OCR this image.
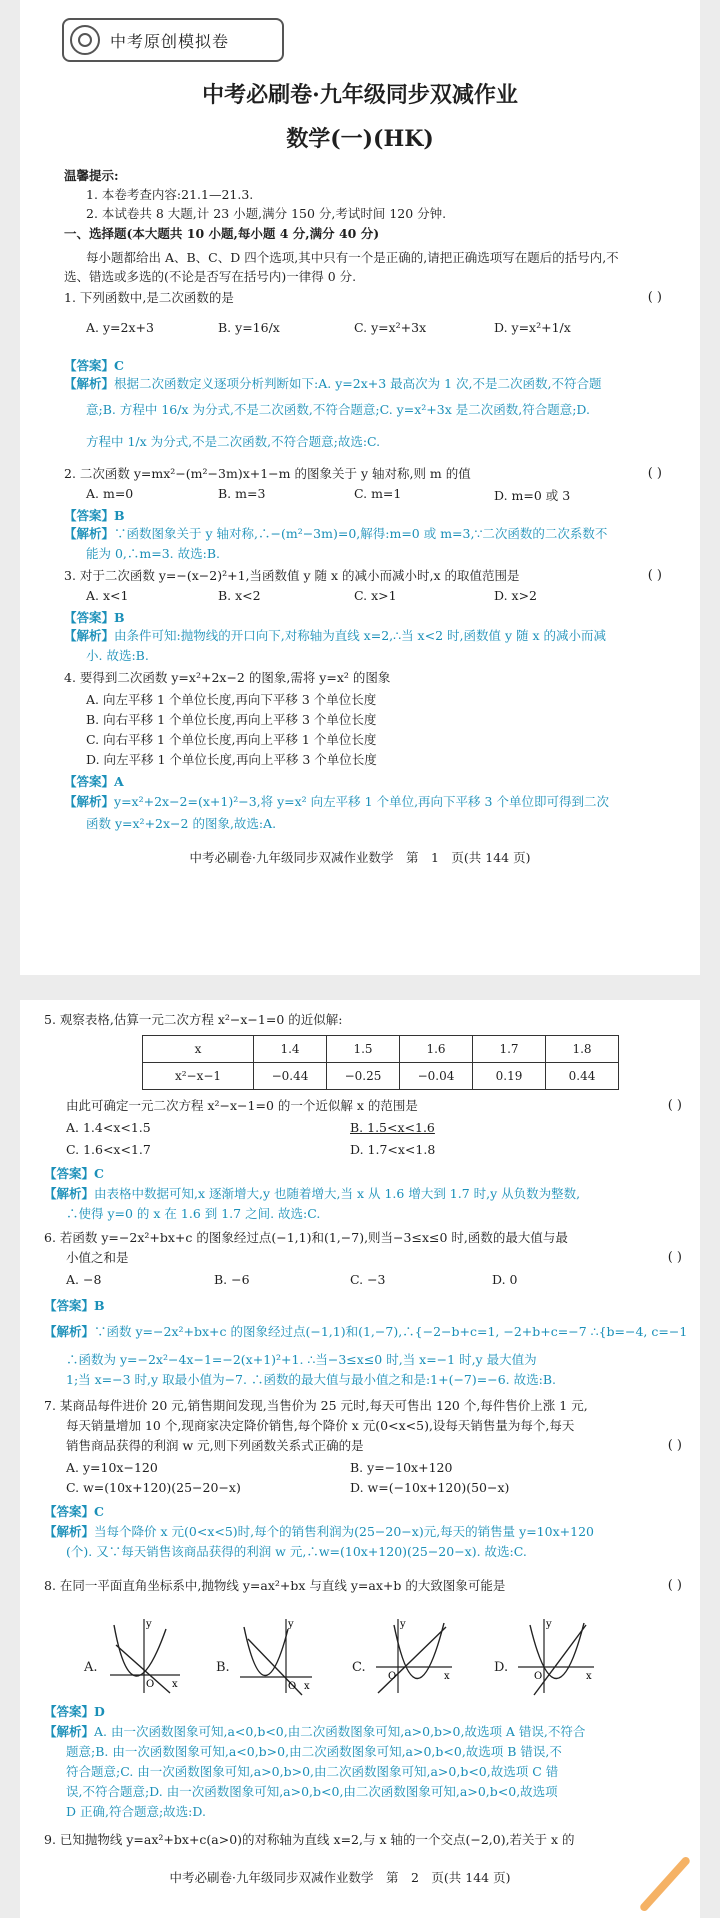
中考原创模拟卷
中考必刷卷·九年级同步双减作业
数学(一)(HK)
温馨提示:
1. 本卷考查内容:21.1—21.3.
2. 本试卷共 8 大题,计 23 小题,满分 150 分,考试时间 120 分钟.
一、选择题(本大题共 10 小题,每小题 4 分,满分 40 分)
每小题都给出 A、B、C、D 四个选项,其中只有一个是正确的,请把正确选项写在题后的括号内,不
选、错选或多选的(不论是否写在括号内)一律得 0 分.
1. 下列函数中,是二次函数的是	( )
A. y=2x+3	B. y=16/x	C. y=x²+3x	D. y=x²+1/x
【答案】C
【解析】根据二次函数定义逐项分析判断如下:A. y=2x+3 最高次为 1 次,不是二次函数,不符合题
意;B. 方程中 16/x 为分式,不是二次函数,不符合题意;C. y=x²+3x 是二次函数,符合题意;D.
方程中 1/x 为分式,不是二次函数,不符合题意;故选:C.
2. 二次函数 y=mx²−(m²−3m)x+1−m 的图象关于 y 轴对称,则 m 的值	( )
A. m=0	B. m=3	C. m=1	D. m=0 或 3
【答案】B
【解析】∵函数图象关于 y 轴对称,∴−(m²−3m)=0,解得:m=0 或 m=3,∵二次函数的二次系数不
能为 0,∴m=3. 故选:B.
3. 对于二次函数 y=−(x−2)²+1,当函数值 y 随 x 的减小而减小时,x 的取值范围是	( )
A. x<1	B. x<2	C. x>1	D. x>2
【答案】B
【解析】由条件可知:抛物线的开口向下,对称轴为直线 x=2,∴当 x<2 时,函数值 y 随 x 的减小而减
小. 故选:B.
4. 要得到二次函数 y=x²+2x−2 的图象,需将 y=x² 的图象
A. 向左平移 1 个单位长度,再向下平移 3 个单位长度
B. 向右平移 1 个单位长度,再向上平移 3 个单位长度
C. 向右平移 1 个单位长度,再向上平移 1 个单位长度
D. 向左平移 1 个单位长度,再向上平移 3 个单位长度
【答案】A
【解析】y=x²+2x−2=(x+1)²−3,将 y=x² 向左平移 1 个单位,再向下平移 3 个单位即可得到二次
函数 y=x²+2x−2 的图象,故选:A.
中考必刷卷·九年级同步双减作业数学　第　1　页(共 144 页)
5. 观察表格,估算一元二次方程 x²−x−1=0 的近似解:
x	1.4	1.5	1.6	1.7	1.8
x²−x−1	−0.44	−0.25	−0.04	0.19	0.44
由此可确定一元二次方程 x²−x−1=0 的一个近似解 x 的范围是	( )
A. 1.4<x<1.5	B. 1.5<x<1.6
C. 1.6<x<1.7	D. 1.7<x<1.8
【答案】C
【解析】由表格中数据可知,x 逐渐增大,y 也随着增大,当 x 从 1.6 增大到 1.7 时,y 从负数为整数,
∴使得 y=0 的 x 在 1.6 到 1.7 之间. 故选:C.
6. 若函数 y=−2x²+bx+c 的图象经过点(−1,1)和(1,−7),则当−3≤x≤0 时,函数的最大值与最
小值之和是	( )
A. −8	B. −6	C. −3	D. 0
【答案】B
【解析】∵函数 y=−2x²+bx+c 的图象经过点(−1,1)和(1,−7),∴{−2−b+c=1, −2+b+c=−7 ∴{b=−4, c=−1
∴函数为 y=−2x²−4x−1=−2(x+1)²+1. ∴当−3≤x≤0 时,当 x=−1 时,y 最大值为
1;当 x=−3 时,y 取最小值为−7. ∴函数的最大值与最小值之和是:1+(−7)=−6. 故选:B.
7. 某商品每件进价 20 元,销售期间发现,当售价为 25 元时,每天可售出 120 个,每件售价上涨 1 元,
每天销量增加 10 个,现商家决定降价销售,每个降价 x 元(0<x<5),设每天销售量为每个,每天
销售商品获得的利润 w 元,则下列函数关系式正确的是	( )
A. y=10x−120	B. y=−10x+120
C. w=(10x+120)(25−20−x)	D. w=(−10x+120)(50−x)
【答案】C
【解析】当每个降价 x 元(0<x<5)时,每个的销售利润为(25−20−x)元,每天的销售量 y=10x+120
(个). 又∵每天销售该商品获得的利润 w 元,∴w=(10x+120)(25−20−x). 故选:C.
8. 在同一平面直角坐标系中,抛物线 y=ax²+bx 与直线 y=ax+b 的大致图象可能是	( )
A.	B.	C.	D.
y
x
O
y
x
O
y
x
O
y
x
O
【答案】D
【解析】A. 由一次函数图象可知,a<0,b<0,由二次函数图象可知,a>0,b>0,故选项 A 错误,不符合
题意;B. 由一次函数图象可知,a<0,b>0,由二次函数图象可知,a>0,b<0,故选项 B 错误,不
符合题意;C. 由一次函数图象可知,a>0,b>0,由二次函数图象可知,a>0,b<0,故选项 C 错
误,不符合题意;D. 由一次函数图象可知,a>0,b<0,由二次函数图象可知,a>0,b<0,故选项
D 正确,符合题意;故选:D.
9. 已知抛物线 y=ax²+bx+c(a>0)的对称轴为直线 x=2,与 x 轴的一个交点(−2,0),若关于 x 的
中考必刷卷·九年级同步双减作业数学　第　2　页(共 144 页)
